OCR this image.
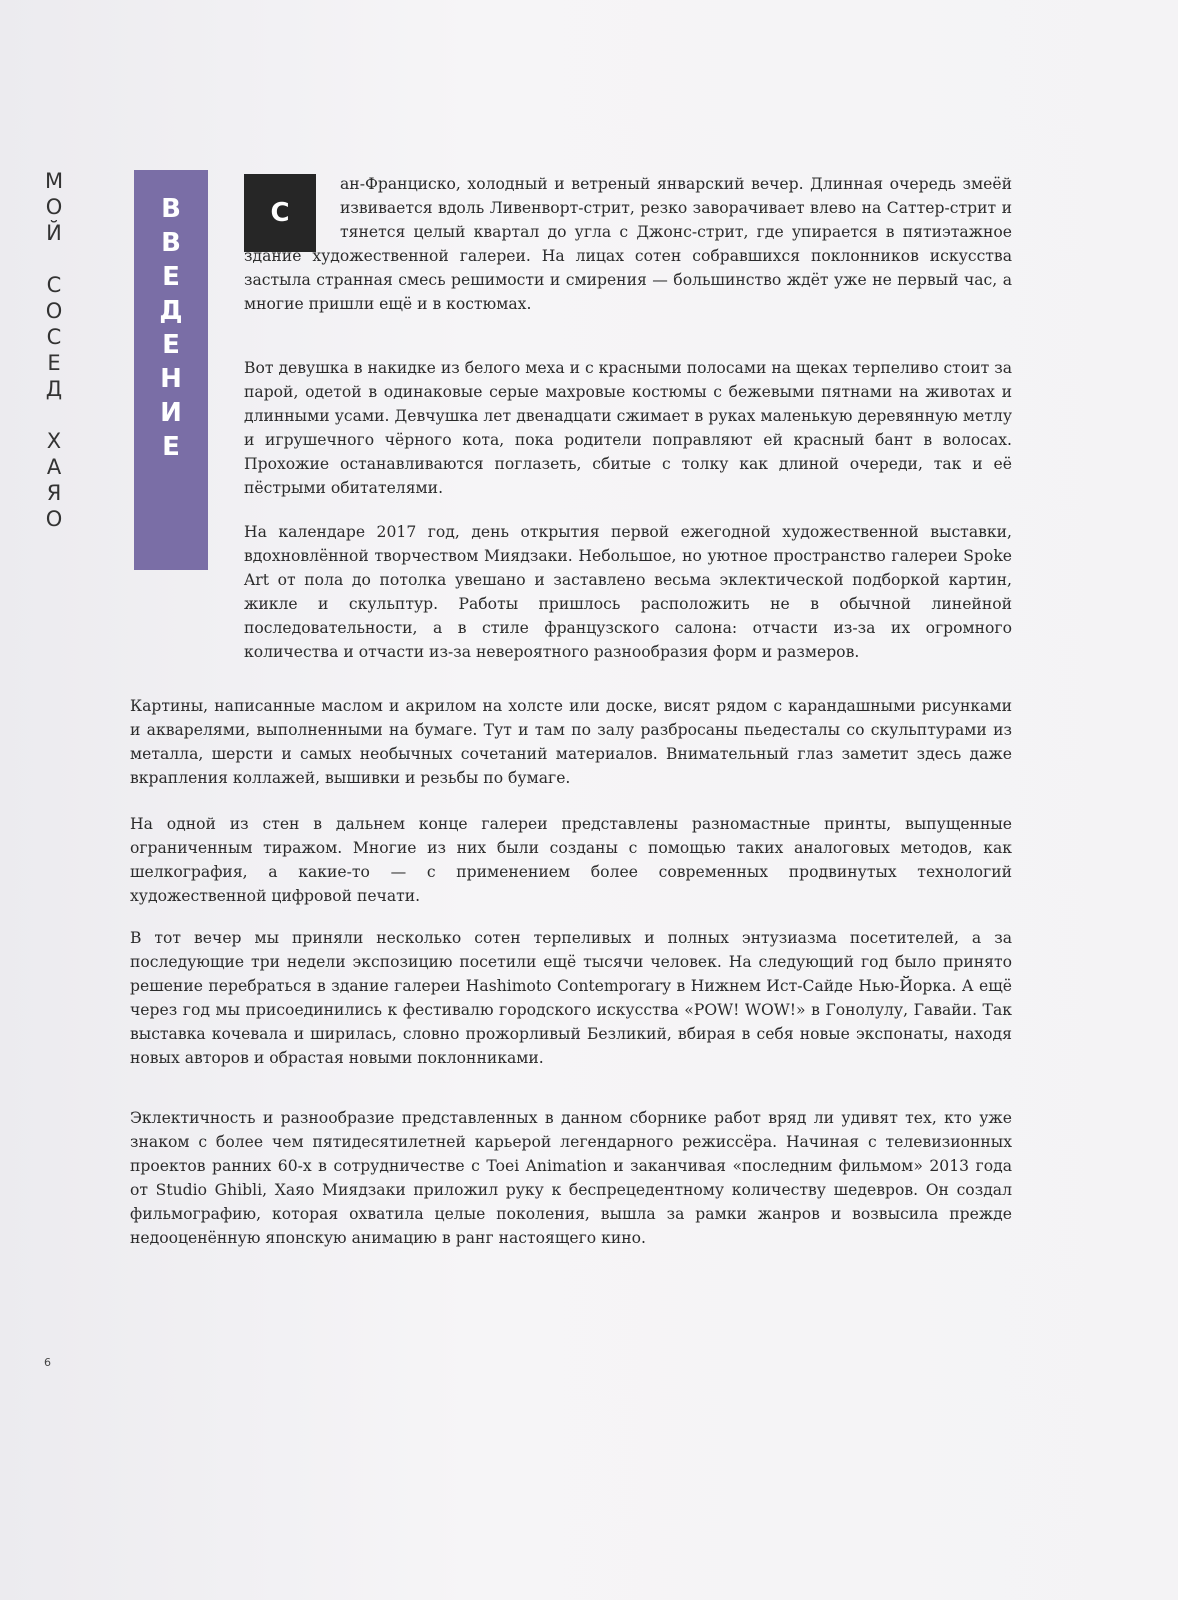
М
О
Й
С
О
С
Е
Д
Х
А
Я
О
В
В
Е
Д
Е
Н
И
Е
С

ан-Франциско, холодный и ветреный январский вечер. Длинная очередь змеёй извивается вдоль Ливенворт-стрит, резко заворачивает влево на Саттер-стрит и тянется целый квартал до угла с Джонс-стрит, где упирается в пятиэтажное здание художественной галереи. На лицах сотен собравшихся поклонников искусства застыла странная смесь решимости и смирения — большинство ждёт уже не первый час, а многие пришли ещё и в костюмах.

Вот девушка в накидке из белого меха и с красными полосами на щеках терпеливо стоит за парой, одетой в одинаковые серые махровые костюмы с бежевыми пятнами на животах и длинными усами. Девчушка лет двенадцати сжимает в руках маленькую деревянную метлу и игрушечного чёрного кота, пока родители поправляют ей красный бант в волосах. Прохожие останавливаются поглазеть, сбитые с толку как длиной очереди, так и её пёстрыми обитателями.

На календаре 2017 год, день открытия первой ежегодной художественной выставки, вдохновлённой творчеством Миядзаки. Небольшое, но уютное пространство галереи Spoke Art от пола до потолка увешано и заставлено весьма эклектической подборкой картин, жикле и скульптур. Работы пришлось расположить не в обычной линейной последовательности, а в стиле французского салона: отчасти из-за их огромного количества и отчасти из-за невероятного разнообразия форм и размеров.

Картины, написанные маслом и акрилом на холсте или доске, висят рядом с карандашными рисунками и акварелями, выполненными на бумаге. Тут и там по залу разбросаны пьедесталы со скульптурами из металла, шерсти и самых необычных сочетаний материалов. Внимательный глаз заметит здесь даже вкрапления коллажей, вышивки и резьбы по бумаге.

На одной из стен в дальнем конце галереи представлены разномастные принты, выпущенные ограниченным тиражом. Многие из них были созданы с помощью таких аналоговых методов, как шелкография, а какие-то — с применением более современных продвинутых технологий художественной цифровой печати.

В тот вечер мы приняли несколько сотен терпеливых и полных энтузиазма посетителей, а за последующие три недели экспозицию посетили ещё тысячи человек. На следующий год было принято решение перебраться в здание галереи Hashimoto Contemporary в Нижнем Ист-Сайде Нью-Йорка. А ещё через год мы присоединились к фестивалю городского искусства «POW! WOW!» в Гонолулу, Гавайи. Так выставка кочевала и ширилась, словно прожорливый Безликий, вбирая в себя новые экспонаты, находя новых авторов и обрастая новыми поклонниками.

Эклектичность и разнообразие представленных в данном сборнике работ вряд ли удивят тех, кто уже знаком с более чем пятидесятилетней карьерой легендарного режиссёра. Начиная с телевизионных проектов ранних 60-х в сотрудничестве с Toei Animation и заканчивая «последним фильмом» 2013 года от Studio Ghibli, Хаяо Миядзаки приложил руку к беспрецедентному количеству шедевров. Он создал фильмографию, которая охватила целые поколения, вышла за рамки жанров и возвысила прежде недооценённую японскую анимацию в ранг настоящего кино.

6
